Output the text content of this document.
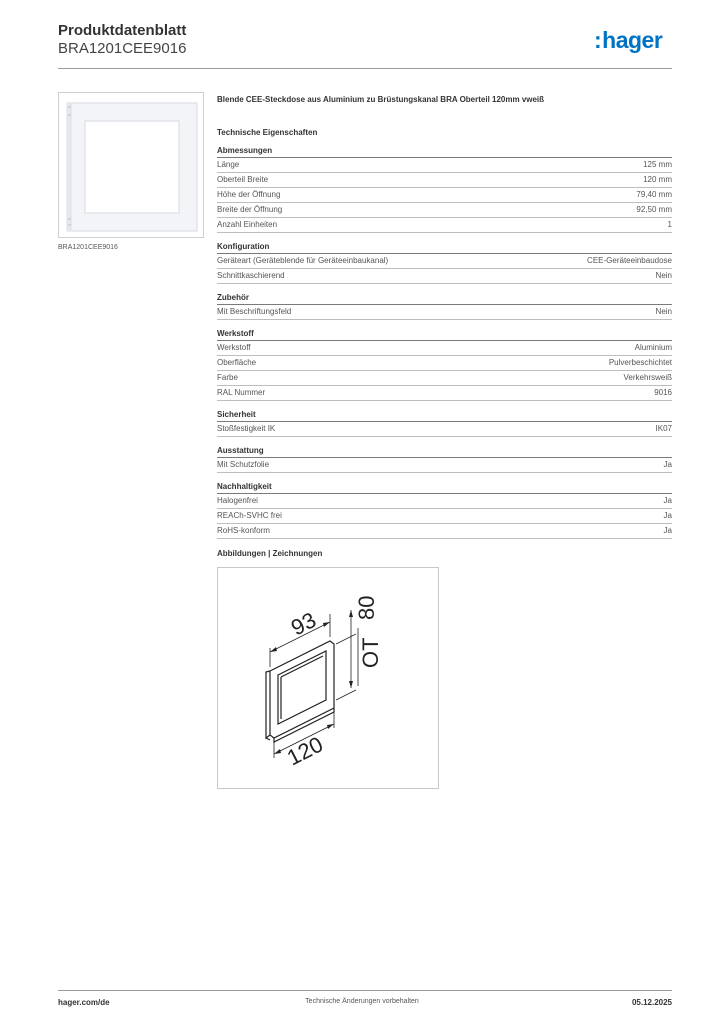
Produktdatenblatt
BRA1201CEE9016	:hager
BRA1201CEE9016
Blende CEE-Steckdose aus Aluminium zu Brüstungskanal BRA Oberteil 120mm vweiß
Technische Eigenschaften
Abmessungen
Länge	125 mm
Oberteil Breite	120 mm
Höhe der Öffnung	79,40 mm
Breite der Öffnung	92,50 mm
Anzahl Einheiten	1
Konfiguration
Geräteart (Geräteblende für Geräteeinbaukanal)	CEE-Geräteeinbaudose
Schnittkaschierend	Nein
Zubehör
Mit Beschriftungsfeld	Nein
Werkstoff
Werkstoff	Aluminium
Oberfläche	Pulverbeschichtet
Farbe	Verkehrsweiß
RAL Nummer	9016
Sicherheit
Stoßfestigkeit IK	IK07
Ausstattung
Mit Schutzfolie	Ja
Nachhaltigkeit
Halogenfrei	Ja
REACh-SVHC frei	Ja
RoHS-konform	Ja
Abbildungen | Zeichnungen
93 80
OT
120
hager.com/de	Technische Änderungen vorbehalten	05.12.2025
